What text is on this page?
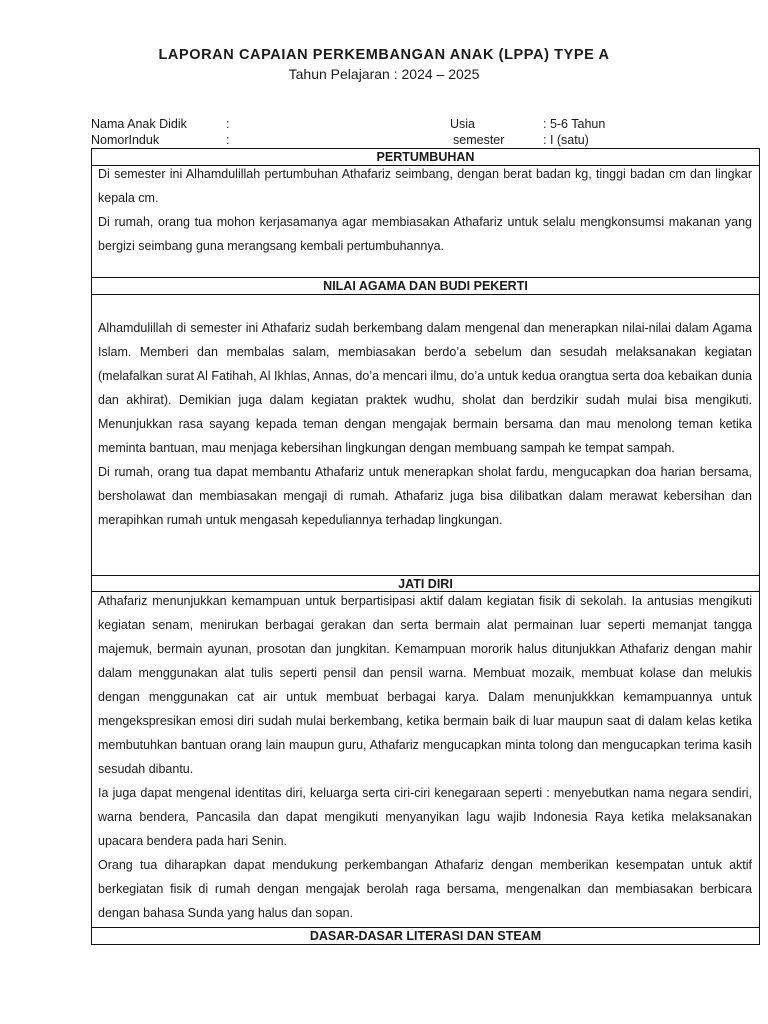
LAPORAN CAPAIAN PERKEMBANGAN ANAK (LPPA) TYPE A
Tahun Pelajaran : 2024 – 2025
Nama Anak Didik	:	Usia	: 5-6 Tahun
NomorInduk	:	semester	: I (satu)
PERTUMBUHAN

Di semester ini Alhamdulillah pertumbuhan Athafariz seimbang, dengan berat badan kg, tinggi badan cm dan lingkar kepala cm.

Di rumah, orang tua mohon kerjasamanya agar membiasakan Athafariz untuk selalu mengkonsumsi makanan yang bergizi seimbang guna merangsang kembali pertumbuhannya.

NILAI AGAMA DAN BUDI PEKERTI

Alhamdulillah di semester ini Athafariz sudah berkembang dalam mengenal dan menerapkan nilai-nilai dalam Agama Islam. Memberi dan membalas salam, membiasakan berdo’a sebelum dan sesudah melaksanakan kegiatan (melafalkan surat Al Fatihah, Al Ikhlas, Annas, do’a mencari ilmu, do’a untuk kedua orangtua serta doa kebaikan dunia dan akhirat). Demikian juga dalam kegiatan praktek wudhu, sholat dan berdzikir sudah mulai bisa mengikuti. Menunjukkan rasa sayang kepada teman dengan mengajak bermain bersama dan mau menolong teman ketika meminta bantuan, mau menjaga kebersihan lingkungan dengan membuang sampah ke tempat sampah.

Di rumah, orang tua dapat membantu Athafariz untuk menerapkan sholat fardu, mengucapkan doa harian bersama, bersholawat dan membiasakan mengaji di rumah. Athafariz juga bisa dilibatkan dalam merawat kebersihan dan merapihkan rumah untuk mengasah kepeduliannya terhadap lingkungan.

JATI DIRI

Athafariz menunjukkan kemampuan untuk berpartisipasi aktif dalam kegiatan fisik di sekolah. Ia antusias mengikuti kegiatan senam, menirukan berbagai gerakan dan serta bermain alat permainan luar seperti memanjat tangga majemuk, bermain ayunan, prosotan dan jungkitan. Kemampuan mororik halus ditunjukkan Athafariz dengan mahir dalam menggunakan alat tulis seperti pensil dan pensil warna. Membuat mozaik, membuat kolase dan melukis dengan menggunakan cat air untuk membuat berbagai karya. Dalam menunjukkkan kemampuannya untuk mengekspresikan emosi diri sudah mulai berkembang, ketika bermain baik di luar maupun saat di dalam kelas ketika membutuhkan bantuan orang lain maupun guru, Athafariz mengucapkan minta tolong dan mengucapkan terima kasih sesudah dibantu.

Ia juga dapat mengenal identitas diri, keluarga serta ciri-ciri kenegaraan seperti : menyebutkan nama negara sendiri, warna bendera, Pancasila dan dapat mengikuti menyanyikan lagu wajib Indonesia Raya ketika melaksanakan upacara bendera pada hari Senin.

Orang tua diharapkan dapat mendukung perkembangan Athafariz dengan memberikan kesempatan untuk aktif berkegiatan fisik di rumah dengan mengajak berolah raga bersama, mengenalkan dan membiasakan berbicara dengan bahasa Sunda yang halus dan sopan.

DASAR-DASAR LITERASI DAN STEAM
